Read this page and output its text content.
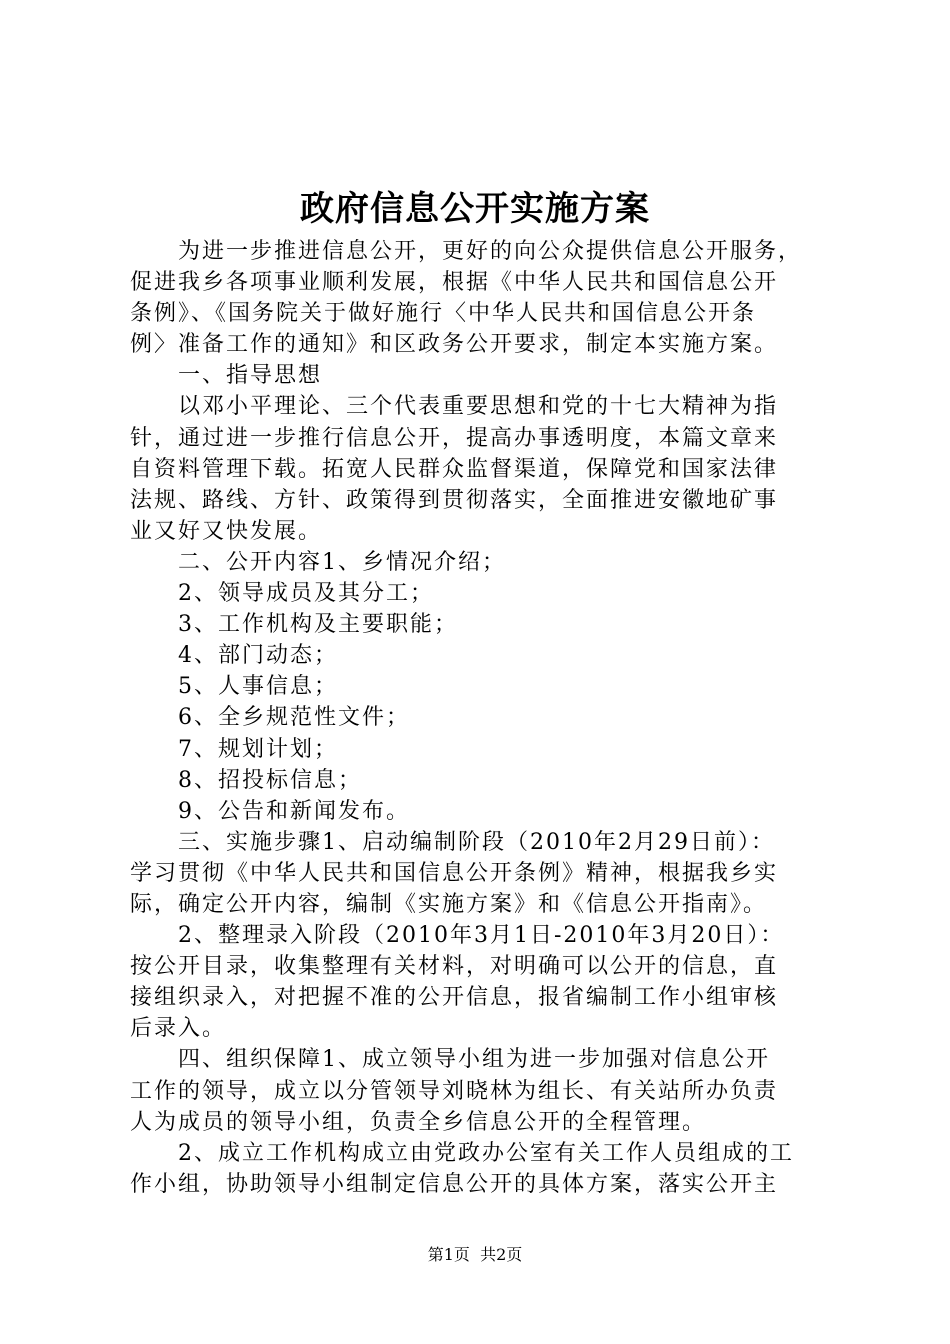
政府信息公开实施方案
　　为进一步推进信息公开，更好的向公众提供信息公开服务，
促进我乡各项事业顺利发展，根据《中华人民共和国信息公开
条例》、《国务院关于做好施行〈中华人民共和国信息公开条
例〉准备工作的通知》和区政务公开要求，制定本实施方案。
　　一、指导思想
　　以邓小平理论、三个代表重要思想和党的十七大精神为指
针，通过进一步推行信息公开，提高办事透明度，本篇文章来
自资料管理下载。拓宽人民群众监督渠道，保障党和国家法律
法规、路线、方针、政策得到贯彻落实，全面推进安徽地矿事
业又好又快发展。
　　二、公开内容1、乡情况介绍；
　　2、领导成员及其分工；
　　3、工作机构及主要职能；
　　4、部门动态；
　　5、人事信息；
　　6、全乡规范性文件；
　　7、规划计划；
　　8、招投标信息；
　　9、公告和新闻发布。
　　三、实施步骤1、启动编制阶段（2010年2月29日前）：
学习贯彻《中华人民共和国信息公开条例》精神，根据我乡实
际，确定公开内容，编制《实施方案》和《信息公开指南》。
　　2、整理录入阶段（2010年3月1日-2010年3月20日）：
按公开目录，收集整理有关材料，对明确可以公开的信息，直
接组织录入，对把握不准的公开信息，报省编制工作小组审核
后录入。
　　四、组织保障1、成立领导小组为进一步加强对信息公开
工作的领导，成立以分管领导刘晓林为组长、有关站所办负责
人为成员的领导小组，负责全乡信息公开的全程管理。
　　2、成立工作机构成立由党政办公室有关工作人员组成的工
作小组，协助领导小组制定信息公开的具体方案，落实公开主
第1页  共2页
